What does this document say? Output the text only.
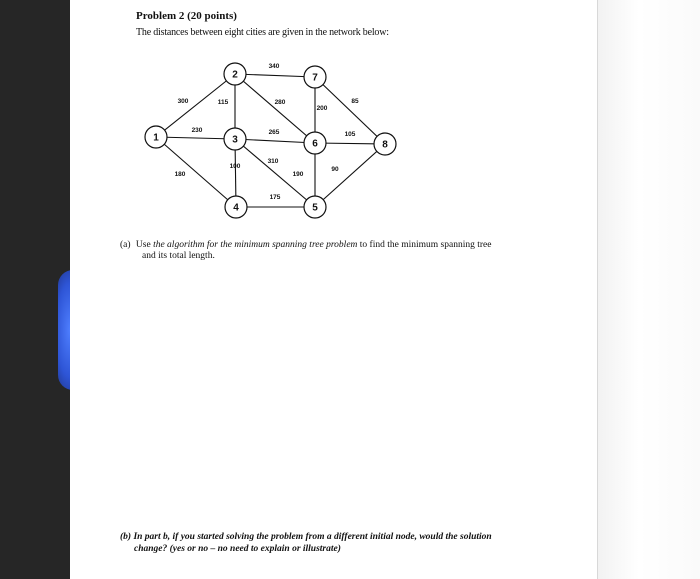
Problem 2 (20 points)
The distances between eight cities are given in the network below:
300
230
180
340
115	280
200
85
265
100
310
105
190
90
175
1
2
3
4	5
6
7
8
(a) Use the algorithm for the minimum spanning tree problem to find the minimum spanning tree
and its total length.
(b) In part b, if you started solving the problem from a different initial node, would the solution
change? (yes or no – no need to explain or illustrate)
